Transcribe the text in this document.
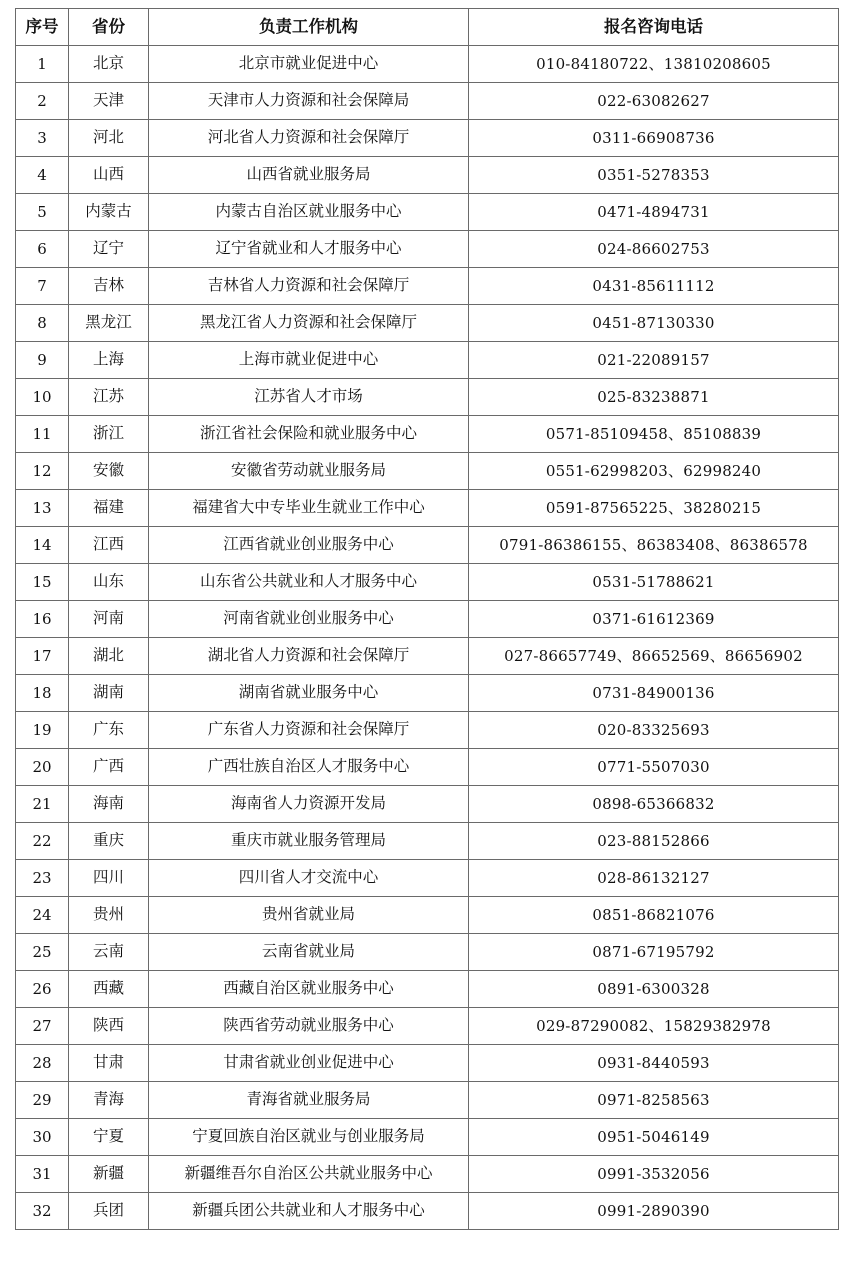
序号	省份	负责工作机构	报名咨询电话
1	北京	北京市就业促进中心	010-84180722、13810208605
2	天津	天津市人力资源和社会保障局	022-63082627
3	河北	河北省人力资源和社会保障厅	0311-66908736
4	山西	山西省就业服务局	0351-5278353
5	内蒙古	内蒙古自治区就业服务中心	0471-4894731
6	辽宁	辽宁省就业和人才服务中心	024-86602753
7	吉林	吉林省人力资源和社会保障厅	0431-85611112
8	黑龙江	黑龙江省人力资源和社会保障厅	0451-87130330
9	上海	上海市就业促进中心	021-22089157
10	江苏	江苏省人才市场	025-83238871
11	浙江	浙江省社会保险和就业服务中心	0571-85109458、85108839
12	安徽	安徽省劳动就业服务局	0551-62998203、62998240
13	福建	福建省大中专毕业生就业工作中心	0591-87565225、38280215
14	江西	江西省就业创业服务中心	0791-86386155、86383408、86386578
15	山东	山东省公共就业和人才服务中心	0531-51788621
16	河南	河南省就业创业服务中心	0371-61612369
17	湖北	湖北省人力资源和社会保障厅	027-86657749、86652569、86656902
18	湖南	湖南省就业服务中心	0731-84900136
19	广东	广东省人力资源和社会保障厅	020-83325693
20	广西	广西壮族自治区人才服务中心	0771-5507030
21	海南	海南省人力资源开发局	0898-65366832
22	重庆	重庆市就业服务管理局	023-88152866
23	四川	四川省人才交流中心	028-86132127
24	贵州	贵州省就业局	0851-86821076
25	云南	云南省就业局	0871-67195792
26	西藏	西藏自治区就业服务中心	0891-6300328
27	陕西	陕西省劳动就业服务中心	029-87290082、15829382978
28	甘肃	甘肃省就业创业促进中心	0931-8440593
29	青海	青海省就业服务局	0971-8258563
30	宁夏	宁夏回族自治区就业与创业服务局	0951-5046149
31	新疆	新疆维吾尔自治区公共就业服务中心	0991-3532056
32	兵团	新疆兵团公共就业和人才服务中心	0991-2890390
